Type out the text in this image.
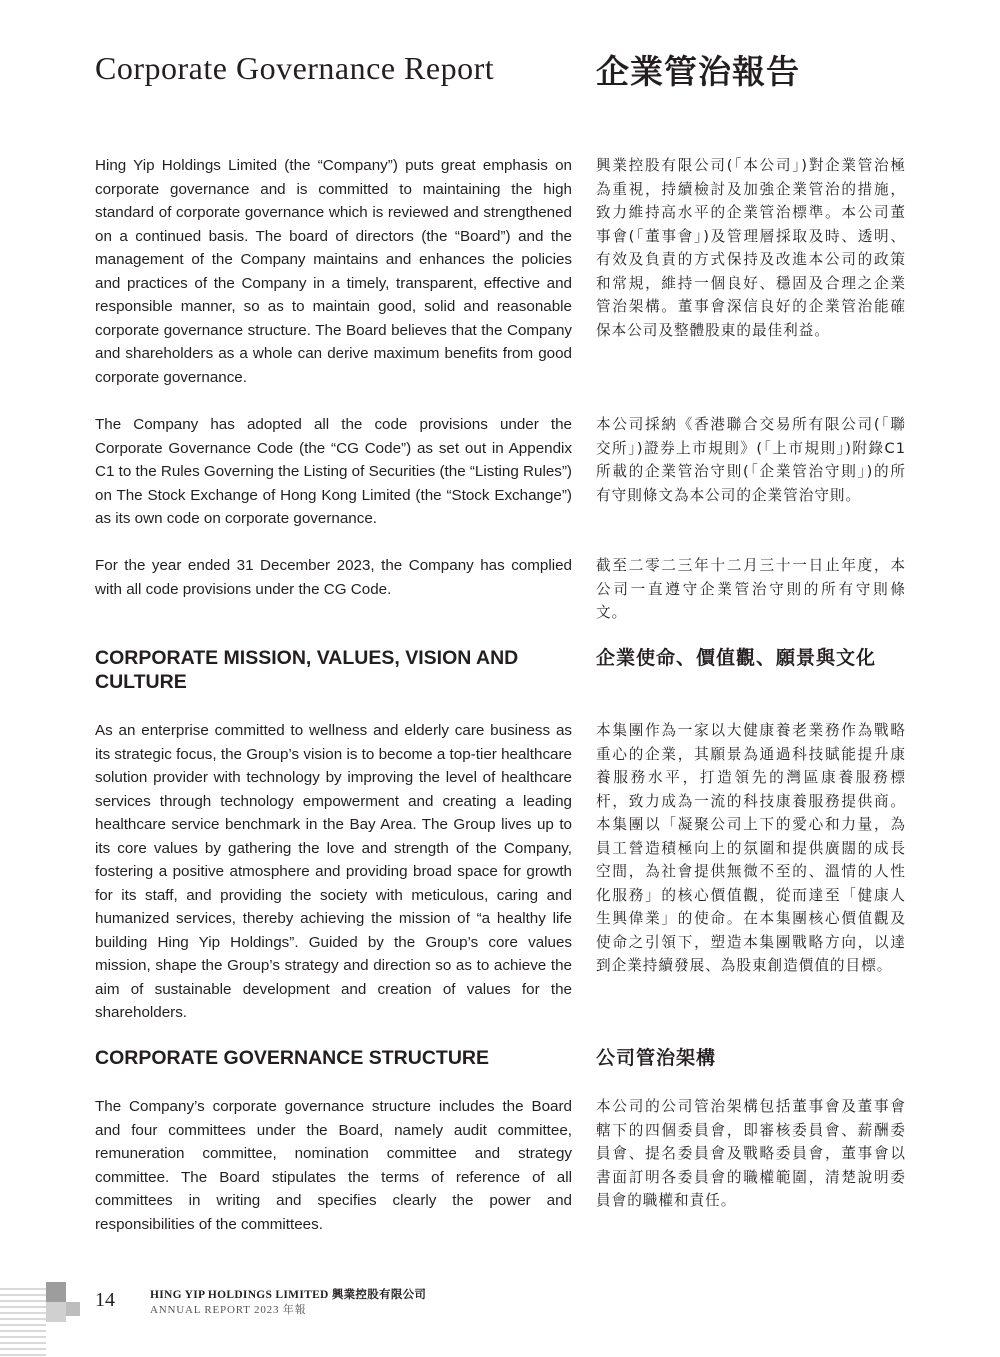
Corporate Governance Report	企業管治報告

Hing Yip Holdings Limited (the “Company”) puts great emphasis on corporate governance and is committed to maintaining the high standard of corporate governance which is reviewed and strengthened on a continued basis. The board of directors (the “Board”) and the management of the Company maintains and enhances the policies and practices of the Company in a timely, transparent, effective and responsible manner, so as to maintain good, solid and reasonable corporate governance structure. The Board believes that the Company and shareholders as a whole can derive maximum benefits from good corporate governance.

興業控股有限公司(「本公司」)對企業管治極為重視，持續檢討及加強企業管治的措施，致力維持高水平的企業管治標準。本公司董事會(「董事會」)及管理層採取及時、透明、有效及負責的方式保持及改進本公司的政策和常規，維持一個良好、穩固及合理之企業管治架構。董事會深信良好的企業管治能確保本公司及整體股東的最佳利益。

The Company has adopted all the code provisions under the Corporate Governance Code (the “CG Code”) as set out in Appendix C1 to the Rules Governing the Listing of Securities (the “Listing Rules”) on The Stock Exchange of Hong Kong Limited (the “Stock Exchange”) as its own code on corporate governance.

本公司採納《香港聯合交易所有限公司(「聯交所」)證券上市規則》(「上市規則」)附錄C1所載的企業管治守則(「企業管治守則」)的所有守則條文為本公司的企業管治守則。

For the year ended 31 December 2023, the Company has complied with all code provisions under the CG Code.

截至二零二三年十二月三十一日止年度，本公司一直遵守企業管治守則的所有守則條文。

CORPORATE MISSION, VALUES, VISION AND CULTURE
企業使命、價值觀、願景與文化

As an enterprise committed to wellness and elderly care business as its strategic focus, the Group’s vision is to become a top-tier healthcare solution provider with technology by improving the level of healthcare services through technology empowerment and creating a leading healthcare service benchmark in the Bay Area. The Group lives up to its core values by gathering the love and strength of the Company, fostering a positive atmosphere and providing broad space for growth for its staff, and providing the society with meticulous, caring and humanized services, thereby achieving the mission of “a healthy life building Hing Yip Holdings”. Guided by the Group’s core values mission, shape the Group’s strategy and direction so as to achieve the aim of sustainable development and creation of values for the shareholders.

本集團作為一家以大健康養老業務作為戰略重心的企業，其願景為通過科技賦能提升康養服務水平，打造領先的灣區康養服務標杆，致力成為一流的科技康養服務提供商。本集團以「凝聚公司上下的愛心和力量，為員工營造積極向上的氛圍和提供廣闊的成長空間，為社會提供無微不至的、溫情的人性化服務」的核心價值觀，從而達至「健康人生興偉業」的使命。在本集團核心價值觀及使命之引領下，塑造本集團戰略方向，以達到企業持續發展、為股東創造價值的目標。

CORPORATE GOVERNANCE STRUCTURE	公司管治架構

The Company’s corporate governance structure includes the Board and four committees under the Board, namely audit committee, remuneration committee, nomination committee and strategy committee. The Board stipulates the terms of reference of all committees in writing and specifies clearly the power and responsibilities of the committees.

本公司的公司管治架構包括董事會及董事會轄下的四個委員會，即審核委員會、薪酬委員會、提名委員會及戰略委員會，董事會以書面訂明各委員會的職權範圍，清楚說明委員會的職權和責任。

14	HING YIP HOLDINGS LIMITED 興業控股有限公司
ANNUAL REPORT 2023 年報
